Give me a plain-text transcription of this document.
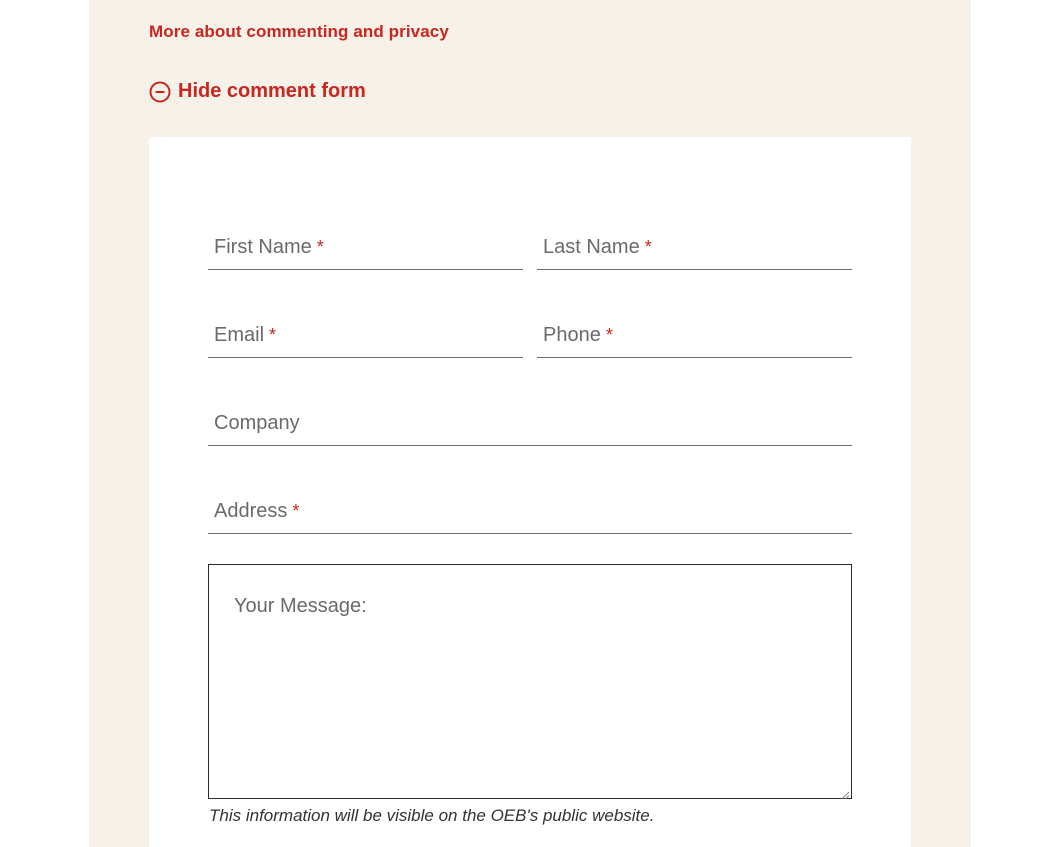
More about commenting and privacy
Hide comment form
First Name *	Last Name *
Email *	Phone *
Company
Address *
Your Message:
This information will be visible on the OEB's public website.
